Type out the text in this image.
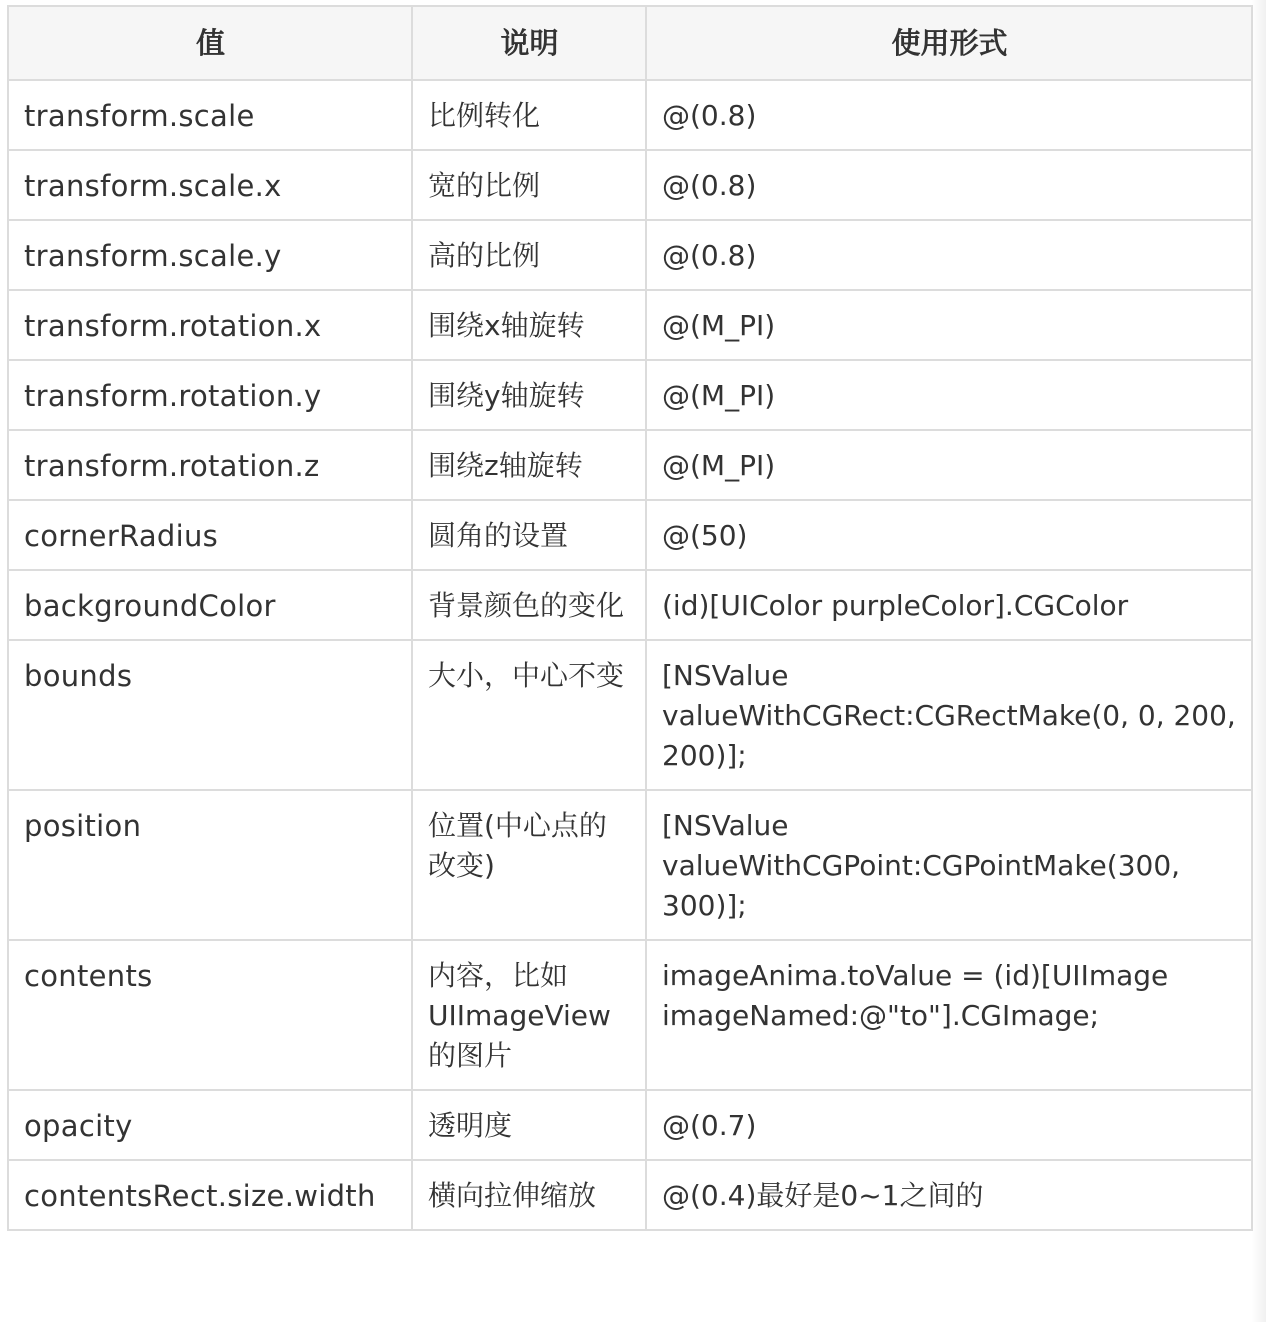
值	说明	使用形式
transform.scale	比例转化	@(0.8)
transform.scale.x	宽的比例	@(0.8)
transform.scale.y	高的比例	@(0.8)
transform.rotation.x	围绕x轴旋转	@(M_PI)
transform.rotation.y	围绕y轴旋转	@(M_PI)
transform.rotation.z	围绕z轴旋转	@(M_PI)
cornerRadius	圆角的设置	@(50)
backgroundColor	背景颜色的变化	(id)[UIColor purpleColor].CGColor
bounds	大小，中心不变	[NSValue valueWithCGRect:CGRectMake(0, 0, 200, 200)];
position	位置(中心点的改变)	[NSValue valueWithCGPoint:CGPointMake(300, 300)];
contents	内容，比如UIImageView的图片	imageAnima.toValue = (id)[UIImage imageNamed:@"to"].CGImage;
opacity	透明度	@(0.7)
contentsRect.size.width	横向拉伸缩放	@(0.4)最好是0~1之间的
